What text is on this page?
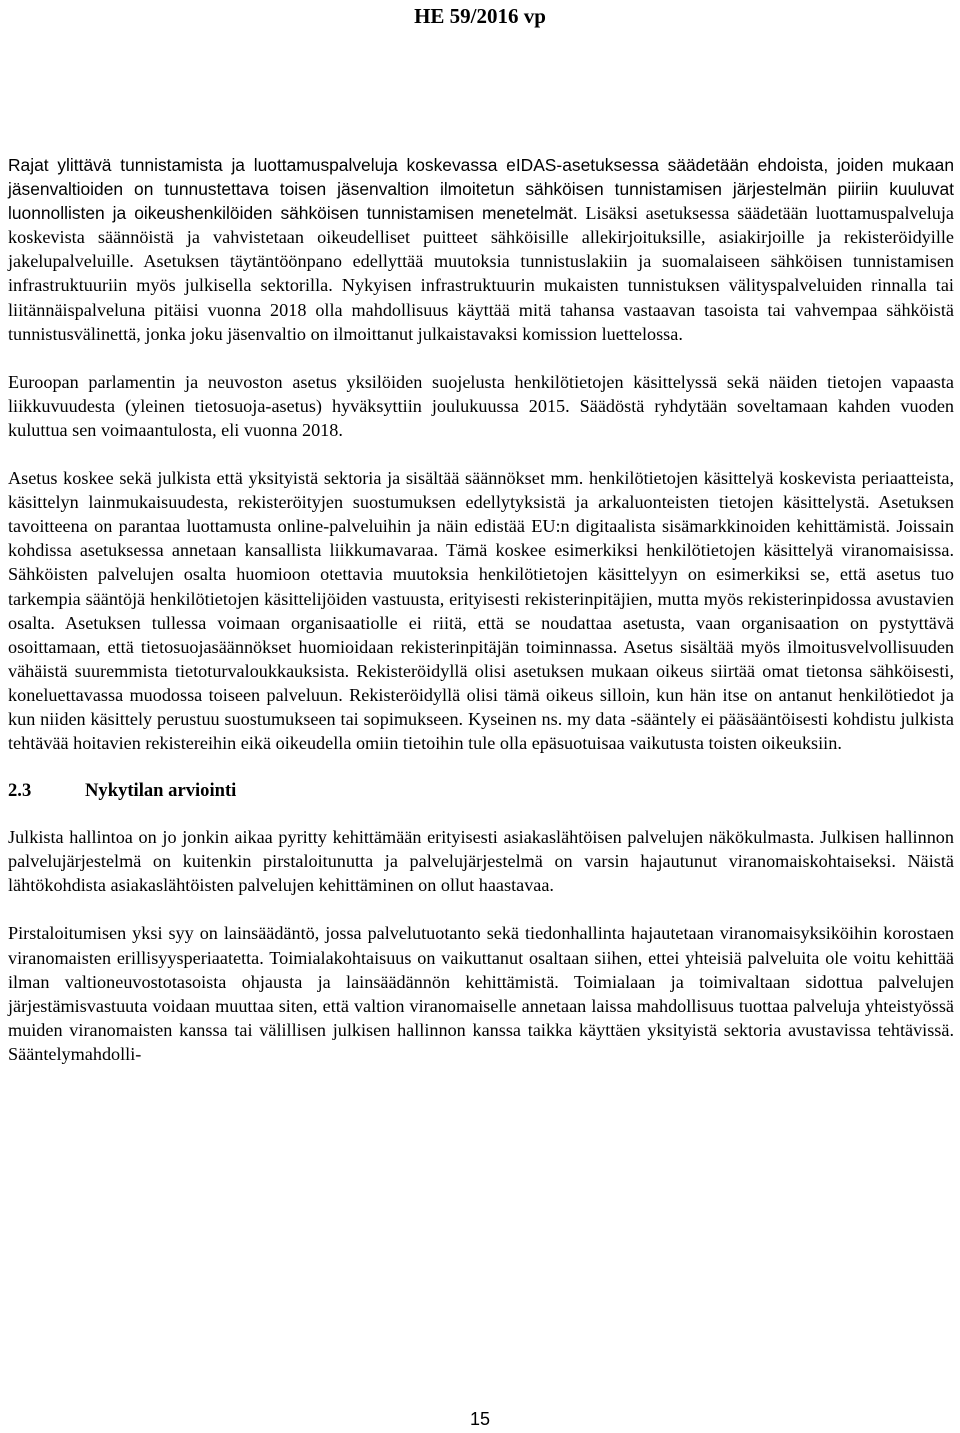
HE 59/2016 vp

Rajat ylittävä tunnistamista ja luottamuspalveluja koskevassa eIDAS-asetuksessa säädetään ehdoista, joiden mukaan jäsenvaltioiden on tunnustettava toisen jäsenvaltion ilmoitetun sähköisen tunnistamisen järjestelmän piiriin kuuluvat luonnollisten ja oikeushenkilöiden sähköisen tunnistamisen menetelmät. Lisäksi asetuksessa säädetään luottamuspalveluja koskevista säännöistä ja vahvistetaan oikeudelliset puitteet sähköisille allekirjoituksille, asiakirjoille ja rekisteröidyille jakelupalveluille. Asetuksen täytäntöönpano edellyttää muutoksia tunnistuslakiin ja suomalaiseen sähköisen tunnistamisen infrastruktuuriin myös julkisella sektorilla. Nykyisen infrastruktuurin mukaisten tunnistuksen välityspalveluiden rinnalla tai liitännäispalveluna pitäisi vuonna 2018 olla mahdollisuus käyttää mitä tahansa vastaavan tasoista tai vahvempaa sähköistä tunnistusvälinettä, jonka joku jäsenvaltio on ilmoittanut julkaistavaksi komission luettelossa.

Euroopan parlamentin ja neuvoston asetus yksilöiden suojelusta henkilötietojen käsittelyssä sekä näiden tietojen vapaasta liikkuvuudesta (yleinen tietosuoja-asetus) hyväksyttiin joulukuussa 2015. Säädöstä ryhdytään soveltamaan kahden vuoden kuluttua sen voimaantulosta, eli vuonna 2018.

Asetus koskee sekä julkista että yksityistä sektoria ja sisältää säännökset mm. henkilötietojen käsittelyä koskevista periaatteista, käsittelyn lainmukaisuudesta, rekisteröityjen suostumuksen edellytyksistä ja arkaluonteisten tietojen käsittelystä. Asetuksen tavoitteena on parantaa luottamusta online-palveluihin ja näin edistää EU:n digitaalista sisämarkkinoiden kehittämistä. Joissain kohdissa asetuksessa annetaan kansallista liikkumavaraa. Tämä koskee esimerkiksi henkilötietojen käsittelyä viranomaisissa. Sähköisten palvelujen osalta huomioon otettavia muutoksia henkilötietojen käsittelyyn on esimerkiksi se, että asetus tuo tarkempia sääntöjä henkilötietojen käsittelijöiden vastuusta, erityisesti rekisterinpitäjien, mutta myös rekisterinpidossa avustavien osalta. Asetuksen tullessa voimaan organisaatiolle ei riitä, että se noudattaa asetusta, vaan organisaation on pystyttävä osoittamaan, että tietosuojasäännökset huomioidaan rekisterinpitäjän toiminnassa. Asetus sisältää myös ilmoitusvelvollisuuden vähäistä suuremmista tietoturvaloukkauksista. Rekisteröidyllä olisi asetuksen mukaan oikeus siirtää omat tietonsa sähköisesti, koneluettavassa muodossa toiseen palveluun. Rekisteröidyllä olisi tämä oikeus silloin, kun hän itse on antanut henkilötiedot ja kun niiden käsittely perustuu suostumukseen tai sopimukseen. Kyseinen ns. my data -sääntely ei pääsääntöisesti kohdistu julkista tehtävää hoitavien rekistereihin eikä oikeudella omiin tietoihin tule olla epäsuotuisaa vaikutusta toisten oikeuksiin.

2.3	Nykytilan arviointi

Julkista hallintoa on jo jonkin aikaa pyritty kehittämään erityisesti asiakaslähtöisen palvelujen näkökulmasta. Julkisen hallinnon palvelujärjestelmä on kuitenkin pirstaloitunutta ja palvelujärjestelmä on varsin hajautunut viranomaiskohtaiseksi. Näistä lähtökohdista asiakaslähtöisten palvelujen kehittäminen on ollut haastavaa.

Pirstaloitumisen yksi syy on lainsäädäntö, jossa palvelutuotanto sekä tiedonhallinta hajautetaan viranomaisyksiköihin korostaen viranomaisten erillisyysperiaatetta. Toimialakohtaisuus on vaikuttanut osaltaan siihen, ettei yhteisiä palveluita ole voitu kehittää ilman valtioneuvostotasoista ohjausta ja lainsäädännön kehittämistä. Toimialaan ja toimivaltaan sidottua palvelujen järjestämisvastuuta voidaan muuttaa siten, että valtion viranomaiselle annetaan laissa mahdollisuus tuottaa palveluja yhteistyössä muiden viranomaisten kanssa tai välillisen julkisen hallinnon kanssa taikka käyttäen yksityistä sektoria avustavissa tehtävissä. Sääntelymahdolli-

15
